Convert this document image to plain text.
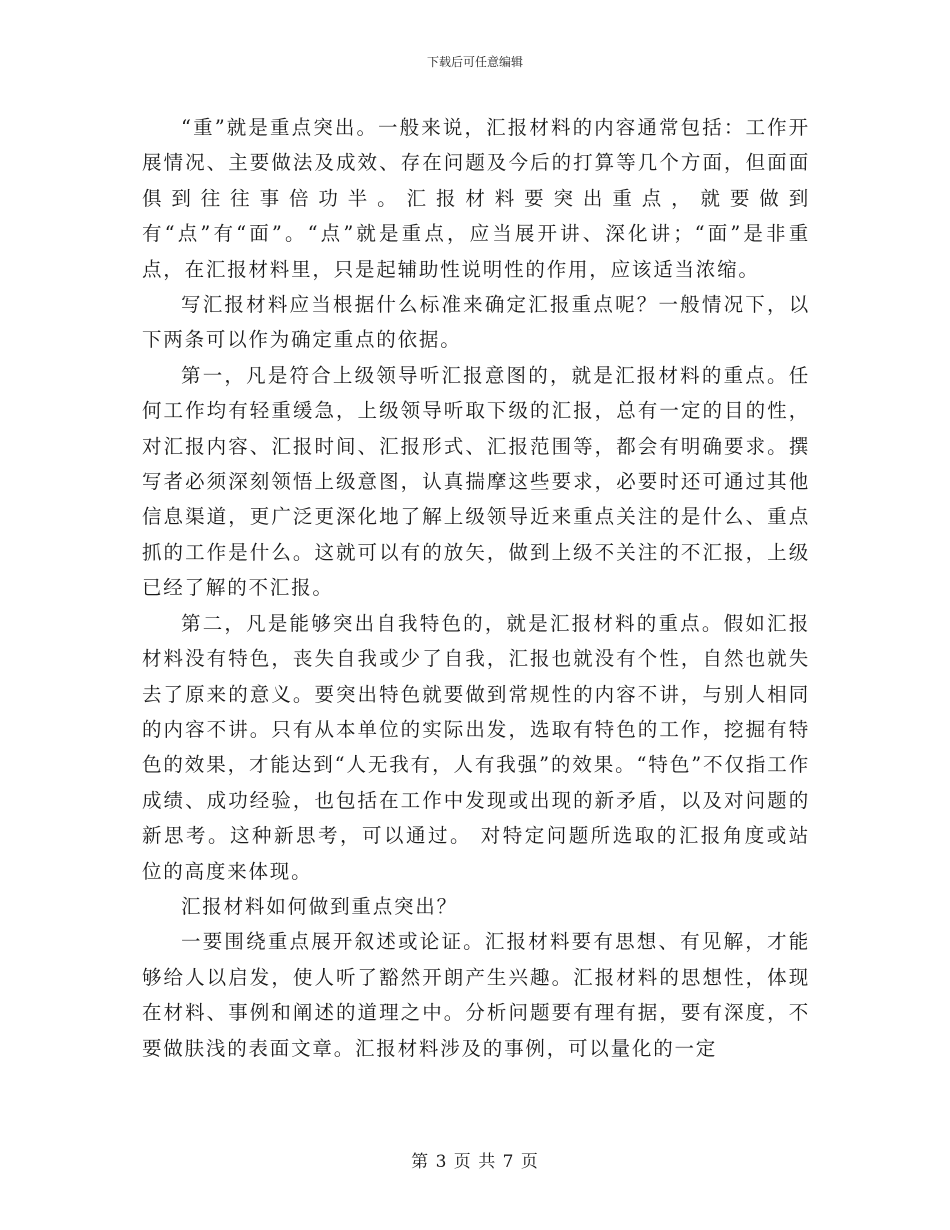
下载后可任意编辑

“重”就是重点突出。一般来说，汇报材料的内容通常包括：工作开展情况、主要做法及成效、存在问题及今后的打算等几个方面，但面面俱到往往事倍功半。汇报材料要突出重点，就要做到有“点”有“面”。“点”就是重点，应当展开讲、深化讲；“面”是非重点，在汇报材料里，只是起辅助性说明性的作用，应该适当浓缩。

写汇报材料应当根据什么标准来确定汇报重点呢？一般情况下，以下两条可以作为确定重点的依据。

第一，凡是符合上级领导听汇报意图的，就是汇报材料的重点。任何工作均有轻重缓急，上级领导听取下级的汇报，总有一定的目的性，对汇报内容、汇报时间、汇报形式、汇报范围等，都会有明确要求。撰写者必须深刻领悟上级意图，认真揣摩这些要求，必要时还可通过其他信息渠道，更广泛更深化地了解上级领导近来重点关注的是什么、重点抓的工作是什么。这就可以有的放矢，做到上级不关注的不汇报，上级已经了解的不汇报。

第二，凡是能够突出自我特色的，就是汇报材料的重点。假如汇报材料没有特色，丧失自我或少了自我，汇报也就没有个性，自然也就失去了原来的意义。要突出特色就要做到常规性的内容不讲，与别人相同的内容不讲。只有从本单位的实际出发，选取有特色的工作，挖掘有特色的效果，才能达到“人无我有，人有我强”的效果。“特色”不仅指工作成绩、成功经验，也包括在工作中发现或出现的新矛盾，以及对问题的新思考。这种新思考，可以通过。 对特定问题所选取的汇报角度或站位的高度来体现。

汇报材料如何做到重点突出？

一要围绕重点展开叙述或论证。汇报材料要有思想、有见解，才能够给人以启发，使人听了豁然开朗产生兴趣。汇报材料的思想性，体现在材料、事例和阐述的道理之中。分析问题要有理有据，要有深度，不要做肤浅的表面文章。汇报材料涉及的事例，可以量化的一定

第 3 页 共 7 页
